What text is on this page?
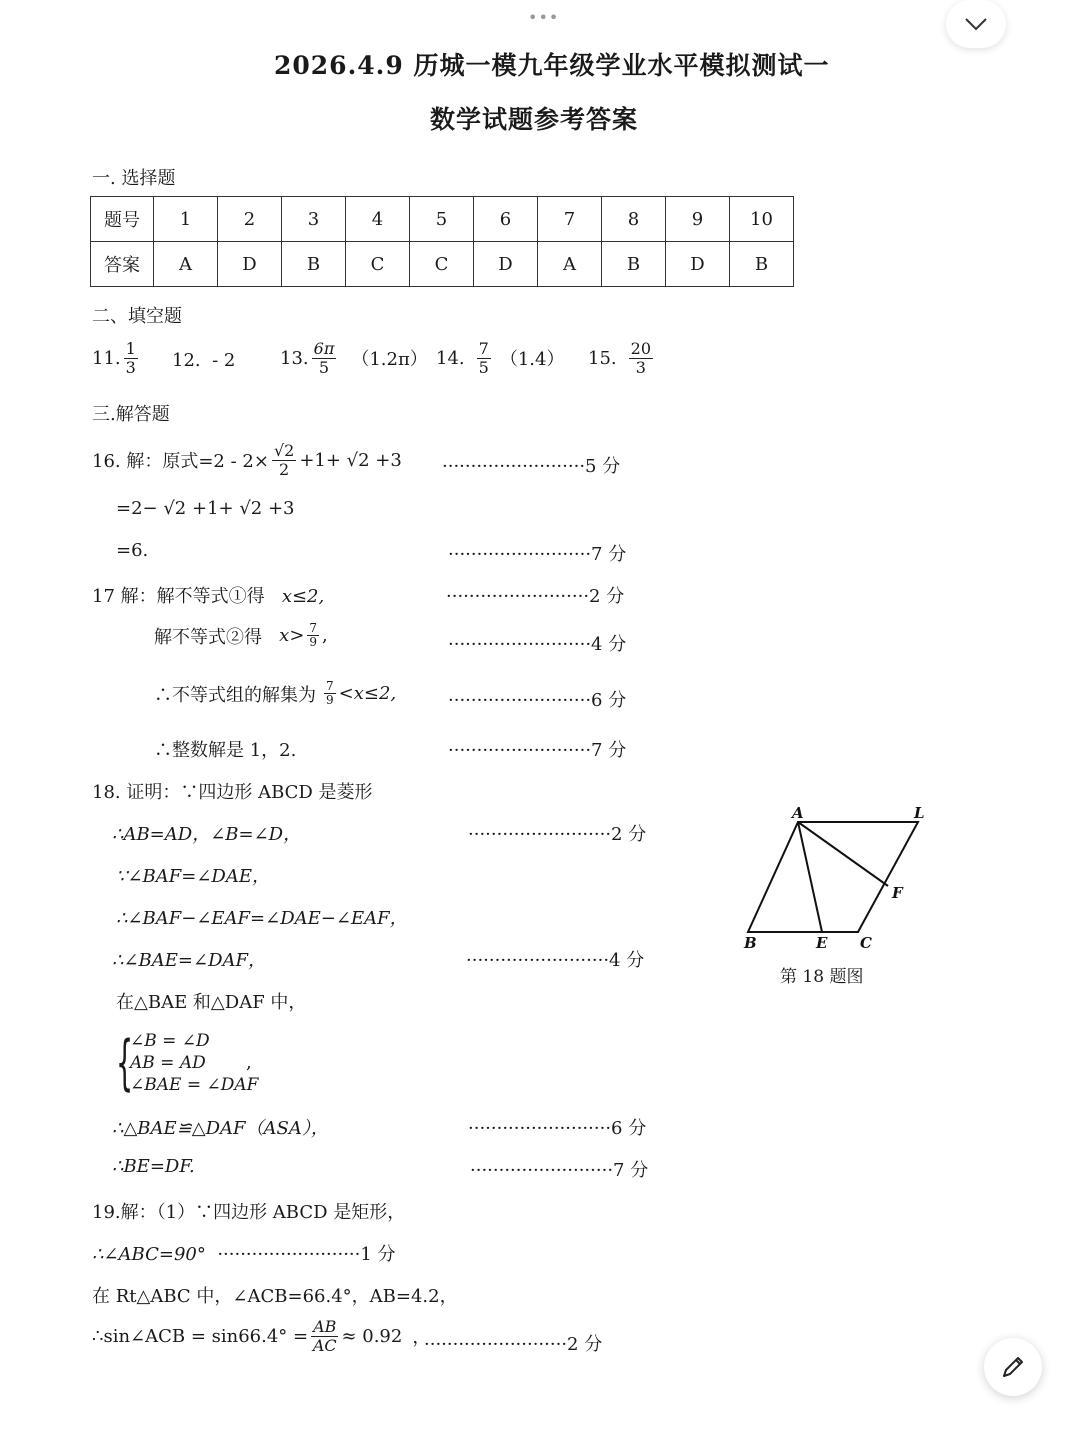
•••
2026.4.9 历城一模九年级学业水平模拟测试一
数学试题参考答案
一. 选择题
题号	1	2	3	4	5	6	7	8	9	10
答案	A	D	B	C	C	D	A	B	D	B
二、填空题
11. $\frac{1}{3} 12$. - 2 13. $\frac{6\pi}{5} (1.2\pi)$ 14. $\frac{7}{5} (1.4)$ 15. $\frac{20}{3}$
三.解答题
16. 解：原式$=2 - 2\times \frac{√2}{2} +1+ √2 +3 \cdot\cdot\cdot\cdot\cdot\cdot\cdot\cdot\cdot\cdot\cdot\cdot\cdot\cdot\cdot\cdot\cdot\cdot\cdot\cdot\cdot\cdot\cdot\cdot\cdot 5$ 分
=2− √2 +1+ √2 +3
=6.	·························7 分
17 解：解不等式①得 x≤2,	·························2 分
解不等式②得
$x> \frac{7}{9}$ ,	·························4 分
∴不等式组的解集为 $\frac{7}{9} <x\le 2$,	·························6 分
∴整数解是 1，2.	·························7 分
18. 证明：∵四边形 ABCD 是菱形
∴AB=AD，∠B=∠D，	·························2 分
∵∠BAF=∠DAE，
∴∠BAF−∠EAF=∠DAE−∠EAF，
∴∠BAE=∠DAF，	·························4 分
在△BAE 和△DAF 中，
{
∠B = ∠D
AB = AD
∠BAE = ∠DAF
,
∴△BAE≌△DAF（ASA），	·························6 分
∴BE=DF.	·························7 分
A	L
B	E C
F
第 18 题图
19.解：（1）∵四边形 ABCD 是矩形，
∴∠ABC=90° ·························1 分
在 Rt△ABC 中，∠ACB=66.4°，AB=4.2，
∴sin∠ACB = $\sin 66.4^\circ = \frac{AB}{AC} \approx 0.92$ ，
·························2 分
